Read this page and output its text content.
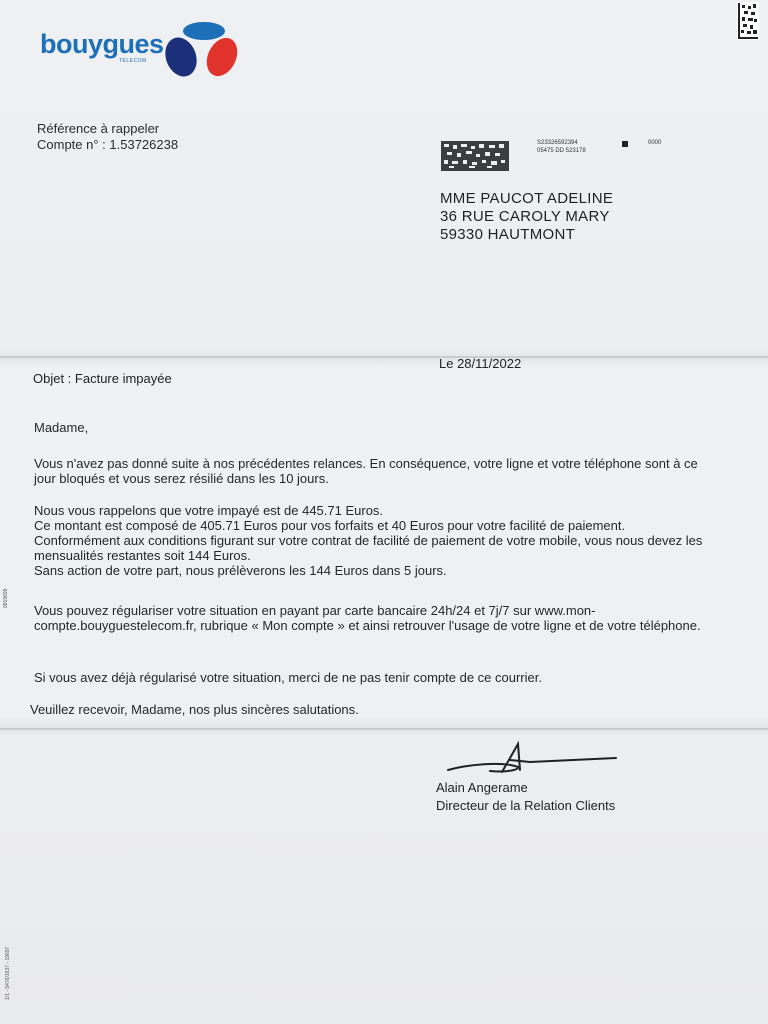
bouygues
TELECOM
Référence à rappeler
Compte n° : 1.53726238	S23326592394
05475 DD 523178
0000
MME PAUCOT ADELINE
36 RUE CAROLY MARY
59330 HAUTMONT
Le 28/11/2022
Objet : Facture impayée
Madame,
Vous n'avez pas donné suite à nos précédentes relances. En conséquence, votre ligne et votre téléphone sont à ce jour bloqués et vous serez résilié dans les 10 jours.
Nous vous rappelons que votre impayé est de 445.71 Euros.
Ce montant est composé de 405.71 Euros pour vos forfaits et 40 Euros pour votre facilité de paiement.
Conformément aux conditions figurant sur votre contrat de facilité de paiement de votre mobile, vous nous devez les mensualités restantes soit 144 Euros.
Sans action de votre part, nous prélèverons les 144 Euros dans 5 jours.
Vous pouvez régulariser votre situation en payant par carte bancaire 24h/24 et 7j/7 sur www.mon-compte.bouyguestelecom.fr, rubrique « Mon compte » et ainsi retrouver l'usage de votre ligne et de votre téléphone.
Si vous avez déjà régularisé votre situation, merci de ne pas tenir compte de ce courrier.
Veuillez recevoir, Madame, nos plus sincères salutations.
0819699
1/1 - 5476/1637 - 19697
Alain Angerame
Directeur de la Relation Clients
